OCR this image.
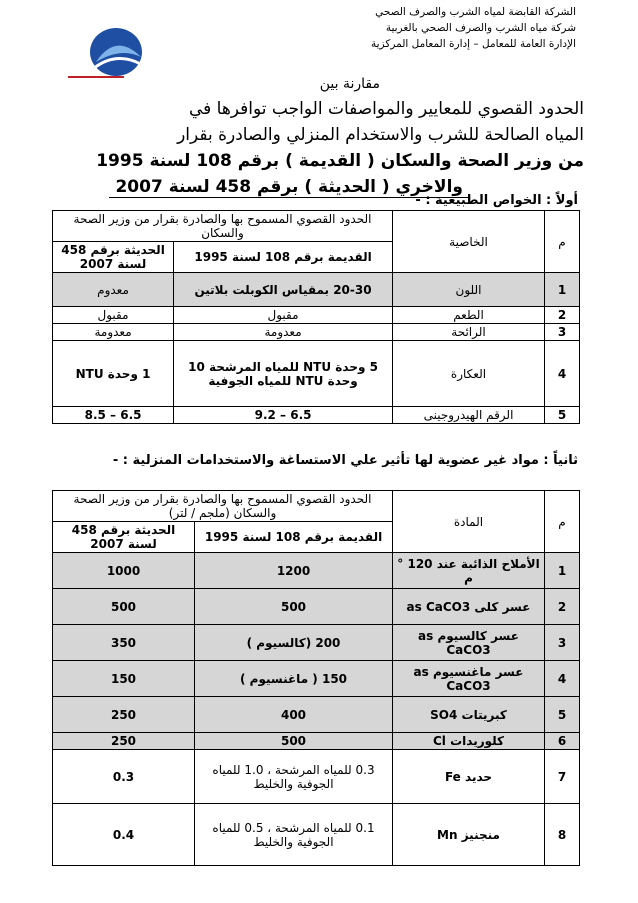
الشركة القابضة لمياه الشرب والصرف الصحي
شركة مياه الشرب والصرف الصحي بالغربية
الإدارة العامة للمعامل – إدارة المعامل المركزية
مقارنة بين
الحدود القصوي للمعايير والمواصفات الواجب توافرها في
المياه الصالحة للشرب والاستخدام المنزلي والصادرة بقرار
من وزير الصحة والسكان ( القديمة ) برقم 108 لسنة 1995
والاخري ( الحديثة ) برقم 458 لسنة 2007
أولاً : الخواص الطبيعية : -
م	الخاصية	الحدود القصوي المسموح بها والصادرة بقرار من وزير الصحة والسكان	
		القديمة برقم 108 لسنة 1995	الحديثة برقم 458 لسنة 2007
1	اللون	20-30 بمقياس الكوبلت بلاتين	معدوم
2	الطعم	مقبول	مقبول
3	الرائحة	معدومة	معدومة
4	العكارة	5 وحدة NTU للمياه المرشحة 10 وحدة NTU للمياه الجوفية	1 وحدة NTU
5	الرقم الهيدروجينى	6.5 – 9.2	6.5 – 8.5
ثانياً : مواد غير عضوية لها تأثير علي الاستساغة والاستخدامات المنزلية : -
م	المادة	الحدود القصوي المسموح بها والصادرة بقرار من وزير الصحة والسكان (ملجم / لتر)	
		القديمة برقم 108 لسنة 1995	الحديثة برقم 458 لسنة 2007
1	الأملاح الذائبة عند 120 ° م	1200	1000
2	عسر كلى as CaCO3	500	500
3	عسر كالسيوم as CaCO3	200 (كالسيوم )	350
4	عسر ماغنسيوم as CaCO3	150 ( ماغنسيوم )	150
5	كبريتات SO4	400	250
6	كلوريدات Cl	500	250
7	حديد Fe	0.3 للمياه المرشحة ، 1.0 للمياه الجوفية والخليط	0.3
8	منجنيز Mn	0.1 للمياه المرشحة ، 0.5 للمياه الجوفية والخليط	0.4
